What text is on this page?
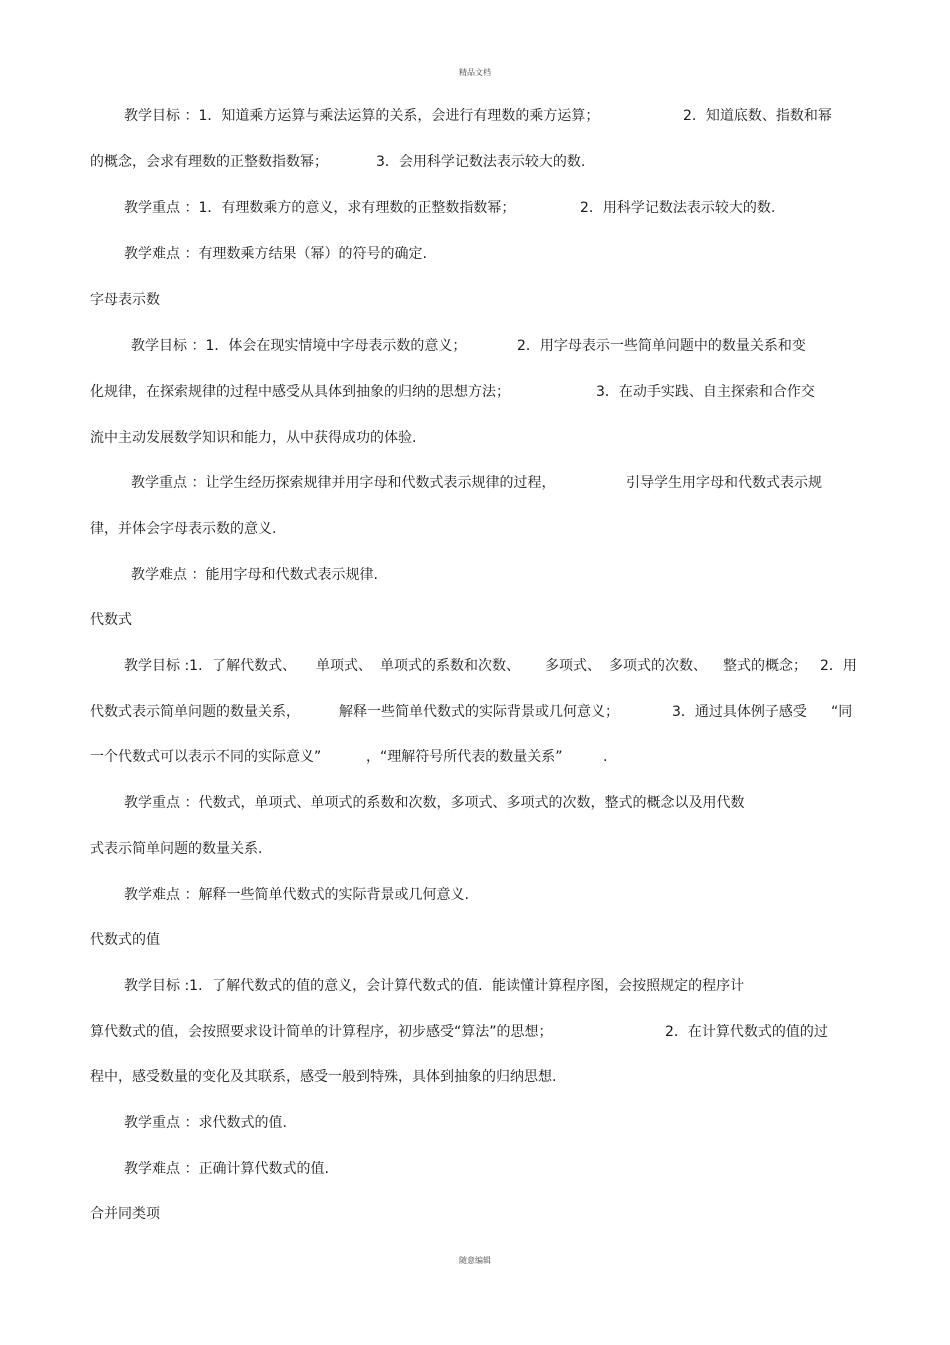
精品文档
教学目标 ：1．知道乘方运算与乘法运算的关系，会进行有理数的乘方运算；	2．知道底数、指数和幂
的概念，会求有理数的正整数指数幂；	3．会用科学记数法表示较大的数.
教学重点 ：1．有理数乘方的意义，求有理数的正整数指数幂；	2．用科学记数法表示较大的数.
教学难点 ：有理数乘方结果（幂）的符号的确定.
字母表示数
教学目标 ：1．体会在现实情境中字母表示数的意义；	2．用字母表示一些简单问题中的数量关系和变
化规律，在探索规律的过程中感受从具体到抽象的归纳的思想方法；	3．在动手实践、自主探索和合作交
流中主动发展数学知识和能力，从中获得成功的体验.
教学重点 ：让学生经历探索规律并用字母和代数式表示规律的过程，	引导学生用字母和代数式表示规
律，并体会字母表示数的意义.
教学难点 ：能用字母和代数式表示规律.
代数式
教学目标 :1．了解代数式、 单项式、 单项式的系数和次数、 多项式、 多项式的次数、 整式的概念； 2．用
代数式表示简单问题的数量关系，	解释一些简单代数式的实际背景或几何意义；	3．通过具体例子感受 “同
一个代数式可以表示不同的实际意义”	，“理解符号所代表的数量关系”	.
教学重点 ：代数式，单项式、单项式的系数和次数，多项式、多项式的次数，整式的概念以及用代数
式表示简单问题的数量关系.
教学难点 ：解释一些简单代数式的实际背景或几何意义.
代数式的值
教学目标 :1．了解代数式的值的意义，会计算代数式的值．能读懂计算程序图，会按照规定的程序计
算代数式的值，会按照要求设计简单的计算程序，初步感受“算法”的思想；	2．在计算代数式的值的过
程中，感受数量的变化及其联系，感受一般到特殊，具体到抽象的归纳思想.
教学重点 ：求代数式的值.
教学难点 ：正确计算代数式的值.
合并同类项
随意编辑
